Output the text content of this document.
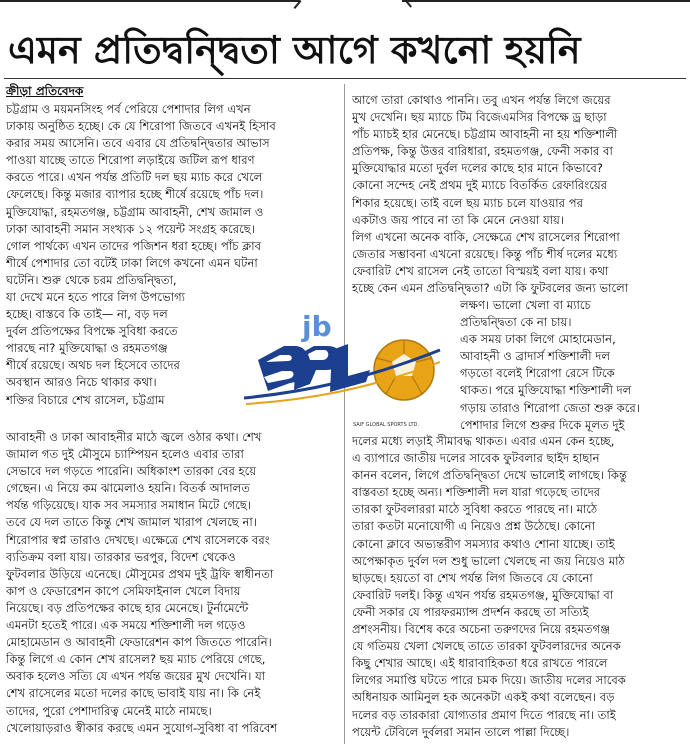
এমন প্রতিদ্বন্দ্বিতা আগে কখনো হয়নি
ক্রীড়া প্রতিবেদক
চট্টগ্রাম ও ময়মনসিংহ পর্ব পেরিয়ে পেশাদার লিগ এখন
ঢাকায় অনুষ্ঠিত হচ্ছে। কে যে শিরোপা জিতবে এখনই হিসাব
করার সময় আসেনি। তবে এবার যে প্রতিদ্বন্দ্বিতার আভাস
পাওয়া যাচ্ছে তাতে শিরোপা লড়াইয়ে জটিল রূপ ধারণ
করতে পারে। এখন পর্যন্ত প্রতিটি দল ছয় ম্যাচ করে খেলে
ফেলেছে। কিন্তু মজার ব্যাপার হচ্ছে শীর্ষে রয়েছে পাঁচ দল।
মুক্তিযোদ্ধা, রহমতগঞ্জ, চট্টগ্রাম আবাহনী, শেখ জামাল ও
ঢাকা আবাহনী সমান সংখ্যক ১২ পয়েন্ট সংগ্রহ করেছে।
গোল পার্থক্যে এখন তাদের পজিশন ধরা হচ্ছে। পাঁচ ক্লাব
শীর্ষে পেশাদার তো বটেই ঢাকা লিগে কখনো এমন ঘটনা
ঘটেনি। শুরু থেকে চরম প্রতিদ্বন্দ্বিতা,
যা দেখে মনে হতে পারে লিগ উপভোগ্য
হচ্ছে। বাস্তবে কি তাই— না, বড় দল
দুর্বল প্রতিপক্ষের বিপক্ষে সুবিধা করতে
পারছে না? মুক্তিযোদ্ধা ও রহমতগঞ্জ
শীর্ষে রয়েছে। অথচ দল হিসেবে তাদের
অবস্থান আরও নিচে থাকার কথা।
শক্তির বিচারে শেখ রাসেল, চট্টগ্রাম
আবাহনী ও ঢাকা আবাহনীর মাঠে জ্বলে ওঠার কথা। শেখ
জামাল গত দুই মৌসুমে চ্যাম্পিয়ন হলেও এবার তারা
সেভাবে দল গড়তে পারেনি। অধিকাংশ তারকা বের হয়ে
গেছেন। এ নিয়ে কম ঝামেলাও হয়নি। বিতর্ক আদালত
পর্যন্ত গড়িয়েছে। যাক সব সমস্যার সমাধান মিটে গেছে।
তবে যে দল তাতে কিন্তু শেখ জামাল খারাপ খেলছে না।
শিরোপার স্বপ্ন তারাও দেখছে। এক্ষেত্রে শেখ রাসেলকে বরং
ব্যতিক্রম বলা যায়। তারকার ভরপুর, বিদেশ থেকেও
ফুটবলার উড়িয়ে এনেছে। মৌসুমের প্রথম দুই ট্রফি স্বাধীনতা
কাপ ও ফেডারেশন কাপে সেমিফাইনাল খেলে বিদায়
নিয়েছে। বড় প্রতিপক্ষের কাছে হার মেনেছে। টুর্নামেন্টে
এমনটা হতেই পারে। এক সময়ে শক্তিশালী দল গড়েও
মোহামেডান ও আবাহনী ফেডারেশন কাপ জিততে পারেনি।
কিন্তু লিগে এ কোন শেখ রাসেল? ছয় ম্যাচ পেরিয়ে গেছে,
অবাক হলেও সত্যি যে এখন পর্যন্ত জয়ের মুখ দেখেনি। যা
শেখ রাসেলের মতো দলের কাছে ভাবাই যায় না। কি নেই
তাদের, পুরো পেশাদারিত্ব মেনেই মাঠে নামছে।
খেলোয়াড়রাও স্বীকার করছে এমন সুযোগ-সুবিধা বা পরিবেশ
আগে তারা কোথাও পাননি। তবু এখন পর্যন্ত লিগে জয়ের
মুখ দেখেনি। ছয় ম্যাচে টিম বিজেএমসির বিপক্ষে ড্র ছাড়া
পাঁচ ম্যাচই হার মেনেছে। চট্টগ্রাম আবাহনী না হয় শক্তিশালী
প্রতিপক্ষ, কিন্তু উত্তর বারিধারা, রহমতগঞ্জ, ফেনী সকার বা
মুক্তিযোদ্ধার মতো দুর্বল দলের কাছে হার মানে কিভাবে?
কোনো সন্দেহ নেই প্রথম দুই ম্যাচে বিতর্কিত রেফারিংয়ের
শিকার হয়েছে। তাই বলে ছয় ম্যাচ চলে যাওয়ার পর
একটাও জয় পাবে না তা কি মেনে নেওয়া যায়।
লিগ এখনো অনেক বাকি, সেক্ষেত্রে শেখ রাসেলের শিরোপা
জেতার সম্ভাবনা এখনো রয়েছে। কিন্তু পাঁচ শীর্ষ দলের মধ্যে
ফেবারিট শেখ রাসেল নেই তাতো বিস্ময়ই বলা যায়। কথা
হচ্ছে কেন এমন প্রতিদ্বন্দ্বিতা? এটা কি ফুটবলের জন্য ভালো
লক্ষণ। ভালো খেলা বা ম্যাচে
প্রতিদ্বন্দ্বিতা কে না চায়।
এক সময় ঢাকা লিগে মোহামেডান,
আবাহনী ও ব্রাদার্স শক্তিশালী দল
গড়তো বলেই শিরোপা রেসে টিকে
থাকত। পরে মুক্তিযোদ্ধা শক্তিশালী দল
গড়ায় তারাও শিরোপা জেতা শুরু করে।
পেশাদার লিগে শুরুর দিকে মূলত দুই
দলের মধ্যে লড়াই সীমাবদ্ধ থাকত। এবার এমন কেন হচ্ছে,
এ ব্যাপারে জাতীয় দলের সাবেক ফুটবলার ছাইদ হাছান
কানন বলেন, লিগে প্রতিদ্বন্দ্বিতা দেখে ভালোই লাগছে। কিন্তু
বাস্তবতা হচ্ছে অন্য। শক্তিশালী দল যারা গড়েছে তাদের
তারকা ফুটবলাররা মাঠে সুবিধা করতে পারছে না। মাঠে
তারা কতটা মনোযোগী এ নিয়েও প্রশ্ন উঠেছে। কোনো
কোনো ক্লাবে অভ্যন্তরীণ সমস্যার কথাও শোনা যাচ্ছে। তাই
অপেক্ষাকৃত দুর্বল দল শুধু ভালো খেলছে না জয় নিয়েও মাঠ
ছাড়ছে। হয়তো বা শেখ পর্যন্ত লিগ জিতবে যে কোনো
ফেবারিট দলই। কিন্তু এখন পর্যন্ত রহমতগঞ্জ, মুক্তিযোদ্ধা বা
ফেনী সকার যে পারফরম্যান্স প্রদর্শন করছে তা সত্যিই
প্রশংসনীয়। বিশেষ করে অচেনা তরুণদের নিয়ে রহমতগঞ্জ
যে গতিময় খেলা খেলছে তাতে তারকা ফুটবলারদের অনেক
কিছু শেখার আছে। এই ধারাবাহিকতা ধরে রাখতে পারলে
লিগের সমাপ্তি ঘটতে পারে চমক দিয়ে। জাতীয় দলের সাবেক
অধিনায়ক আমিনুল হক অনেকটা একই কথা বলেছেন। বড়
দলের বড় তারকারা যোগ্যতার প্রমাণ দিতে পারছে না। তাই
পয়েন্ট টেবিলে দুর্বলরা সমান তালে পাল্লা দিচ্ছে।
jb
SAIF GLOBAL SPORTS LTD.
